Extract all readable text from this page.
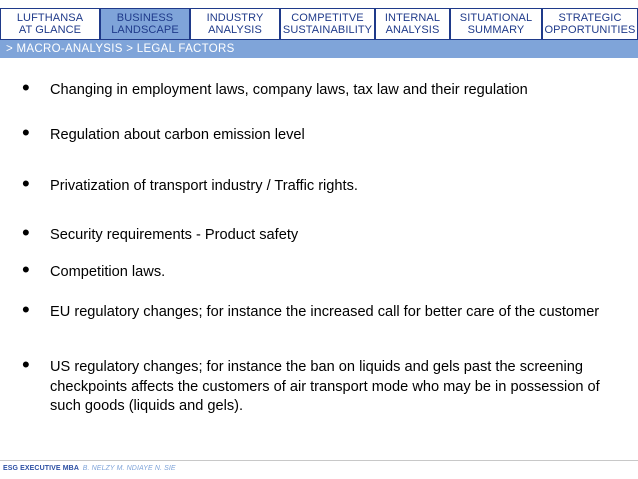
LUFTHANSA
AT GLANCE
BUSINESS
LANDSCAPE
INDUSTRY
ANALYSIS
COMPETITVE
SUSTAINABILITY
INTERNAL
ANALYSIS
SITUATIONAL
SUMMARY
STRATEGIC
OPPORTUNITIES
> MACRO-ANALYSIS > LEGAL FACTORS
• Changing in employment laws, company laws, tax law and their regulation
• Regulation about carbon emission level
• Privatization of transport industry / Traffic rights.
• Security requirements - Product safety
• Competition laws.
• EU regulatory changes; for instance the increased call for better care of the customer
• US regulatory changes; for instance the ban on liquids and gels past the screening checkpoints affects the customers of air transport mode who may be in possession of such goods (liquids and gels).
ESG EXECUTIVE MBA B. NELZY M. NDIAYE N. SIE
